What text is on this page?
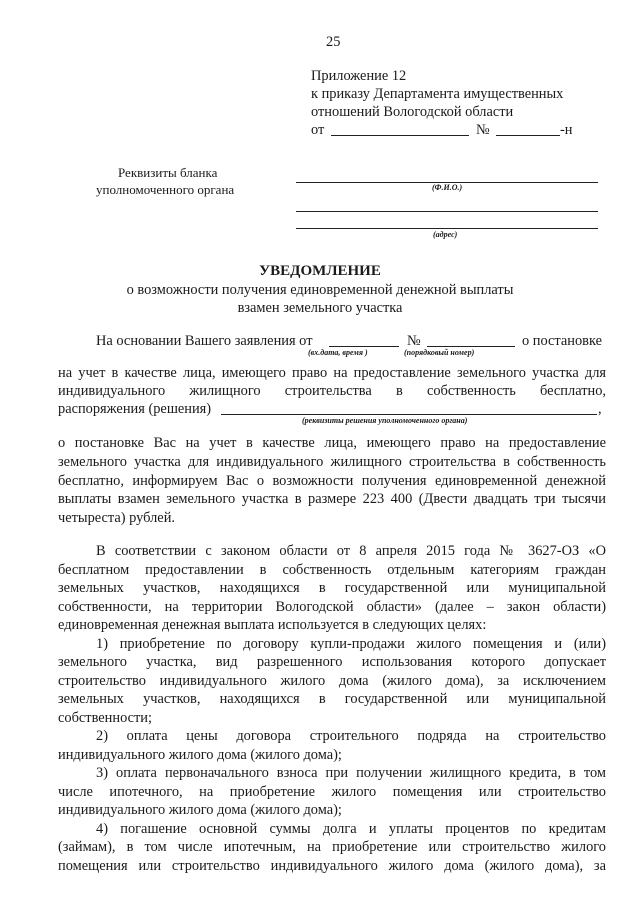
25
Приложение 12
к приказу Департамента имущественных
отношений Вологодской области
от	№	-н
Реквизиты бланка
уполномоченного органа	(Ф.И.О.)
(адрес)
УВЕДОМЛЕНИЕ
о возможности получения единовременной денежной выплаты
взамен земельного участка
На основании Вашего заявления от	№	о постановке
(вх.дата, время )	(порядковый номер)
на учет в качестве лица, имеющего право на предоставление земельного участка для
индивидуального жилищного строительства в собственность бесплатно,
распоряжения (решения)	,
(реквизиты решения уполномоченного органа)
о постановке Вас на учет в качестве лица, имеющего право на предоставление
земельного участка для индивидуального жилищного строительства в собственность
бесплатно, информируем Вас о возможности получения единовременной денежной
выплаты взамен земельного участка в размере 223 400 (Двести двадцать три тысячи
четыреста) рублей.
В соответствии с законом области от 8 апреля 2015 года № 3627-ОЗ «О
бесплатном предоставлении в собственность отдельным категориям граждан
земельных участков, находящихся в государственной или муниципальной
собственности, на территории Вологодской области» (далее – закон области)
единовременная денежная выплата используется в следующих целях:
1) приобретение по договору купли-продажи жилого помещения и (или)
земельного участка, вид разрешенного использования которого допускает
строительство индивидуального жилого дома (жилого дома), за исключением
земельных участков, находящихся в государственной или муниципальной
собственности;
2) оплата цены договора строительного подряда на строительство
индивидуального жилого дома (жилого дома);
3) оплата первоначального взноса при получении жилищного кредита, в том
числе ипотечного, на приобретение жилого помещения или строительство
индивидуального жилого дома (жилого дома);
4) погашение основной суммы долга и уплаты процентов по кредитам
(займам), в том числе ипотечным, на приобретение или строительство жилого
помещения или строительство индивидуального жилого дома (жилого дома), за
